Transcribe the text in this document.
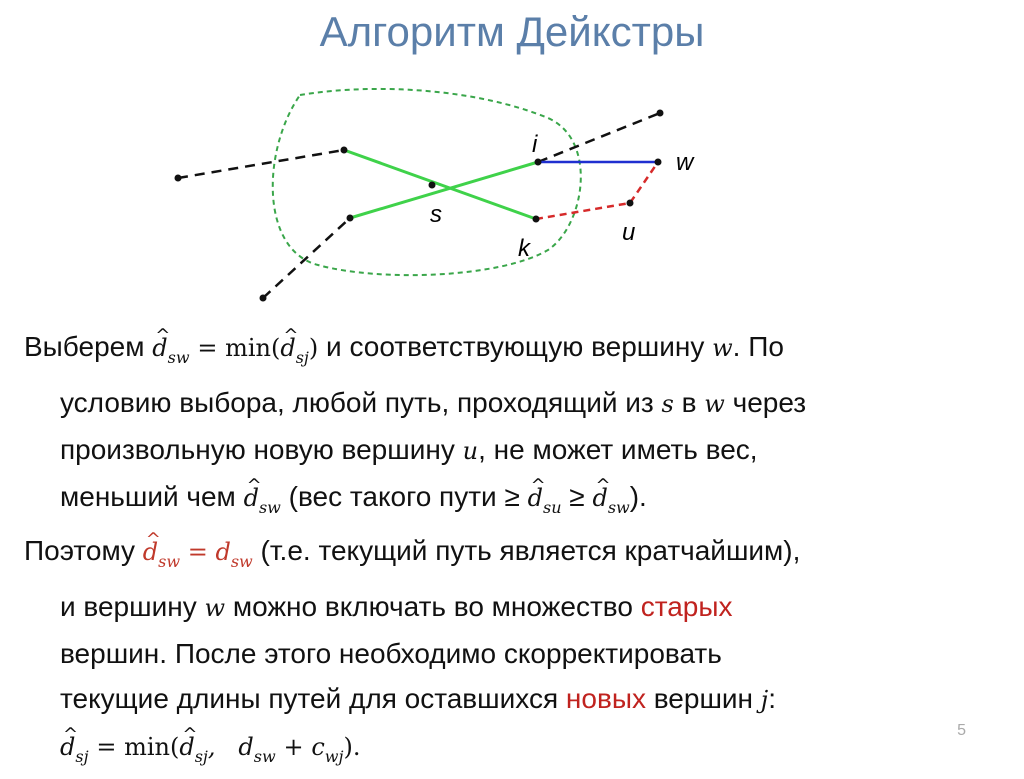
Алгоритм Дейкстры
i
w
s
k
u
Выберем ^ $d_{sw}$ = min(^ $d_{sj}$) и соответствующую вершину w. По
условию выбора, любой путь, проходящий из s в w через
произвольную новую вершину u, не может иметь вес,
меньший чем ^ $d_{sw}$ (вес такого пути ≥ ^ $d_{su}$ ≥ ^ $d_{sw}$).
Поэтому ^ $d_{sw} = d_{sw}$ (т.е. текущий путь является кратчайшим),
и вершину w можно включать во множество старых
вершин. После этого необходимо скорректировать
текущие длины путей для оставшихся новых вершин j:
^ $d_{sj}$ = min(^ $d_{sj}$,   $d_{sw} + c_{wj}$).
5
